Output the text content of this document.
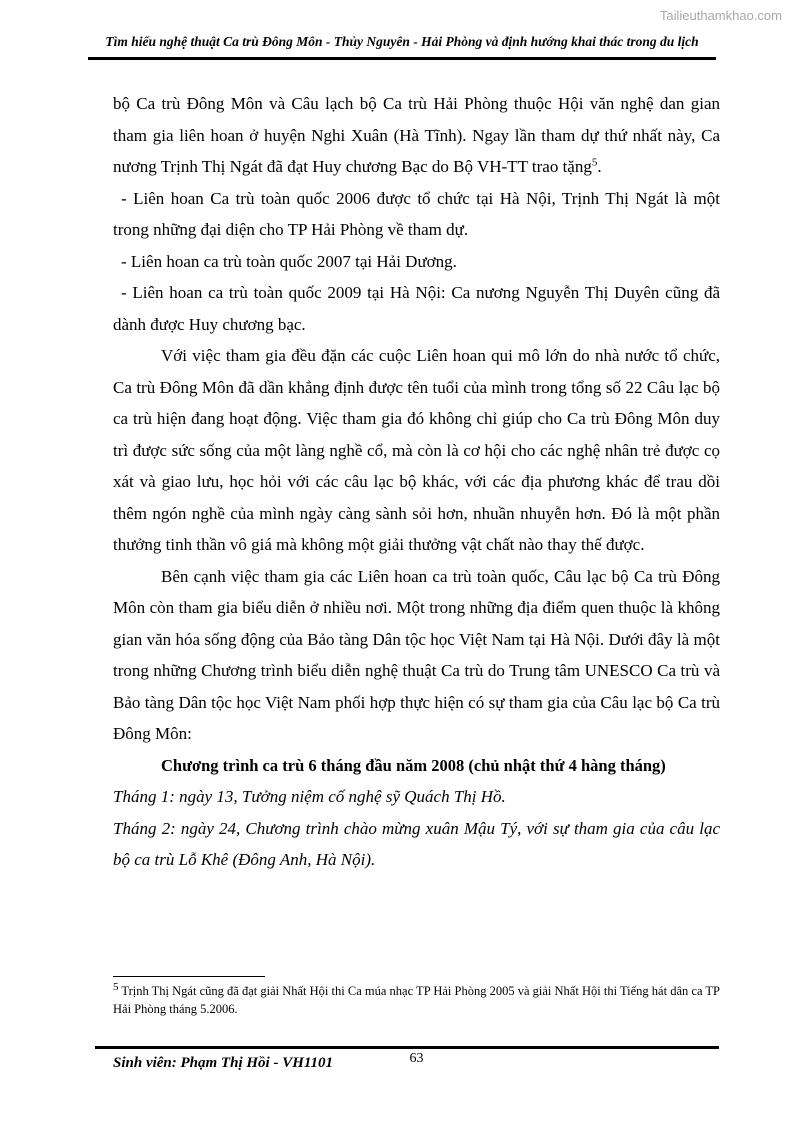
Tailieuthamkhao.com
Tìm hiểu nghệ thuật Ca trù Đông Môn - Thủy Nguyên - Hải Phòng và định hướng khai thác trong du lịch

bộ Ca trù Đông Môn và Câu lạch bộ Ca trù Hải Phòng thuộc Hội văn nghệ dan gian tham gia liên hoan ở huyện Nghi Xuân (Hà Tĩnh). Ngay lần tham dự thứ nhất này, Ca nương Trịnh Thị Ngát đã đạt Huy chương Bạc do Bộ VH-TT trao tặng$^5$.

- Liên hoan Ca trù toàn quốc 2006 được tổ chức tại Hà Nội, Trịnh Thị Ngát là một trong những đại diện cho TP Hải Phòng về tham dự.

- Liên hoan ca trù toàn quốc 2007 tại Hải Dương.

- Liên hoan ca trù toàn quốc 2009 tại Hà Nội: Ca nương Nguyễn Thị Duyên cũng đã dành được Huy chương bạc.

Với việc tham gia đều đặn các cuộc Liên hoan qui mô lớn do nhà nước tổ chức, Ca trù Đông Môn đã dần khẳng định được tên tuổi của mình trong tổng số 22 Câu lạc bộ ca trù hiện đang hoạt động. Việc tham gia đó không chỉ giúp cho Ca trù Đông Môn duy trì được sức sống của một làng nghề cổ, mà còn là cơ hội cho các nghệ nhân trẻ được cọ xát và giao lưu, học hỏi với các câu lạc bộ khác, với các địa phương khác để trau dồi thêm ngón nghề của mình ngày càng sành sỏi hơn, nhuần nhuyễn hơn. Đó là một phần thưởng tinh thần vô giá mà không một giải thưởng vật chất nào thay thế được.

Bên cạnh việc tham gia các Liên hoan ca trù toàn quốc, Câu lạc bộ Ca trù Đông Môn còn tham gia biểu diễn ở nhiều nơi. Một trong những địa điểm quen thuộc là không gian văn hóa sống động của Bảo tàng Dân tộc học Việt Nam tại Hà Nội. Dưới đây là một trong những Chương trình biểu diễn nghệ thuật Ca trù do Trung tâm UNESCO Ca trù và Bảo tàng Dân tộc học Việt Nam phối hợp thực hiện có sự tham gia của Câu lạc bộ Ca trù Đông Môn:

Chương trình ca trù 6 tháng đầu năm 2008 (chủ nhật thứ 4 hàng tháng)

Tháng 1: ngày 13, Tưởng niệm cố nghệ sỹ Quách Thị Hồ.

Tháng 2: ngày 24, Chương trình chào mừng xuân Mậu Tý, với sự tham gia của câu lạc bộ ca trù Lỗ Khê (Đông Anh, Hà Nội).

$^5$ Trịnh Thị Ngát cũng đã đạt giải Nhất Hội thi Ca múa nhạc TP Hải Phòng 2005 và giải Nhất Hội thi Tiếng hát dân ca TP Hải Phòng tháng 5.2006.

Sinh viên: Phạm Thị Hồi - VH1101	63
